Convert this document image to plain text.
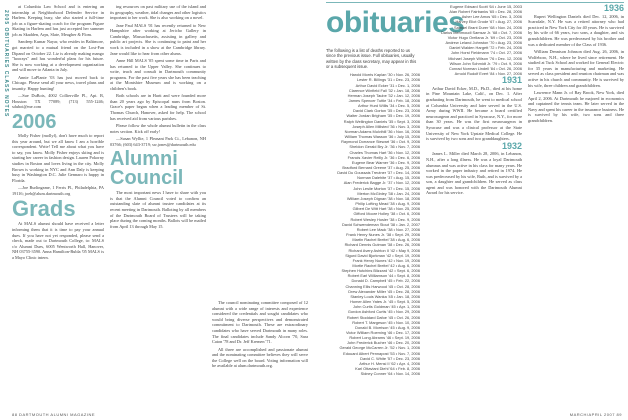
2005 OBITUARIES CLASS NOTES

at Columbia Law School and is entering an internship at Neighborhood Defender Service in Harlem. Keeping busy, she also started a full-time job as a figure-skating coach for the program Figure Skating in Harlem and has just accepted her summer job as Skadden, Arps, Slate, Meagher & Flom.

Sandeep Kumar Nayar, who resides in Baltimore, got married to a mutual friend on the Lost-Fan Dipand on October 22. Liz is already making mango "hoorays" and has wonderful plans for his future. She is now working at a development organization and will move to Atlanta in July.

Annie LaPlante '03 has just moved back to Chicago. Please send all your news, travel plans and insanity. Happy hunting!

—Sue DuBois, 4002 Collierville Pl., Apt. B, Houston TX 77089; (713) 555-1246; sduboi@me.com

2006

Molly Fisher (mollyf), don't have much to report this year around, but we all know I am a horrible correspondent. Write! Tell me about what you have to say, you know. Molly Fisher enjoys skiing and is starting her career in fashion design. Lauren Pokorny studies in Boston and loves living in the city. Molly Brown is working in NYC and Ann Daly is keeping busy in Washington D.C. Julie Gennaro is happy in Florida.

—Joe Burlingame, 1 Ferris Pl., Philadelphia, PA 19116; joeb@alum.dartmouth.org

Grads

At MALS alumni should have received a letter informing them that it is time to pay your annual dues. If you have not yet responded, please send a check, made out to Dartmouth College, to: MALS c/o Alumni Dues, 6005 Wentworth Hall, Hanover, NH 03755-3590. Anna Hamilton-Bubla '05 MALS is a Mayo Clinic intern.

ing resources on past military use of the island and its geography, weather, tidal changes and other logistics important to her work. She is also working on a novel.

Jane Paul MALS '01 has recently returned to New Hampshire after working at Jericho Gallery in Cambridge, Massachusetts, assisting in gallery and public art projects. She is continuing to paint and her work is included in a show at the Cambridge library. Jane would like to hear from other alums.

Anne Hill MALS '05 spent some time in Paris and has returned to the Upper Valley. She continues to write, teach and consult in Dartmouth community programs. For the past five years she has been teaching at the Montshire Museum and is working on a children's book.

Both schools are in Hartt and were founded more than 20 years ago by Episcopal nuns from Boston. Grace's paper began when a leading member of St. Thomas Church, Hanover, asked for help. The school has received aid from various parishes.

Please follow the whole alumni bulletin in the class notes section. Kick off early!

—Susan Wyllie, 1 Pleasant Park Ct., Lebanon, NH 03766; (603) 643-3719; sw.jones@dartmouth.edu

Alumni
Council

The most important news I have to share with you is that the Alumni Council voted to confirm an outstanding slate of alumni trustee candidates at its recent meeting in Dartmouth. Balloting by all members of the Dartmouth Board of Trustees will be taking place during the coming months. Ballots will be mailed from April 13 through May 15.

The council nominating committee composed of 12 alumni with a wide range of interests and experience considered the credentials and sought candidates who would bring diverse perspectives and demonstrated commitment to Dartmouth. These are extraordinary candidates who have served Dartmouth in many roles. The final candidates include Sandy Alcorn '70, Sara Caton '78 and Dr. Jeff Kremen '71.

All three are accomplished and passionate alumni and the nominating committee believes they will serve the College well on the board. Voting information will be available at alum.dartmouth.org.

88 DARTMOUTH ALUMNI MAGAZINE
obituaries

The following is a list of deaths reported to us since the previous issue. Full obituaries, usually written by the class secretary, may appear in this or a subsequent issue.

Harold Morris Kaplan '30 • Nov. 26, 2006
Lester R. Billings '31 • Dec. 23, 2006
Arthur David Ecker '31 • Dec. 1, 2006
Clarence Winfield Fall '32 • Jan. 18, 2006
Herman Joseph Taube '32 • Jan. 12, 2006
James Spencer Tuttle '34 • Feb. 18, 2006
Arthur Hurd Willis '34 • Dec. 5, 2006
David Clark Gorton '35 • Dec. 23, 2006
Walter Jordan Brigham '35 • Dec. 19, 2006
Ralph Wellington Daniels '35 • Sept. 3, 2006
Joseph Allen Millsted '36 • Nov. 3, 2006
Norman Adams Mulvihill '36 • Nov. 16, 2006
William Thomas Wasson '36 • July 15, 2006
Raymond Dorrance Stewart '36 • Oct. 9, 2006
Sheldon Gerald Bry Jr. '36 • Nov. 7, 2006
Charles Thomas Hart '36 • Nov. 12, 2006
Francis Xavier Reilly Jr. '36 • Dec. 6, 2006
Eugene Bear Warner '36 • Dec. 9, 2006
Bradford Bernard Greene '37 • Aug. 25, 2006
David Du Goussais Treutner '37 • Dec. 14, 2006
Norman Dalehite '37 • Aug. 15, 2006
Alan Frederick Bagge Jr. '37 • Nov. 12, 2006
John Leslie Morton '37 • Dec. 15, 2006
Merton McGinley '38 • Jan. 24, 2006
William Joseph Dignan '38 • Nov. 18, 2006
Philip Lofting Mead '38 • Aug. 9, 2006
Gilbert De Witt Hart '38 • Nov. 25, 2006
Gifford Moore Holley '38 • Oct. 6, 2006
Robert Wesley Hosler '38 • Dec. 9, 2006
David Schwendeman Stout '38 • Jan. 2, 2007
Robert Lee Mack '38 • Nov. 27, 2006
Frank Henry Nunes Jr. '38 • Sept. 29, 2006
Martin Rachel Breitel '38 • Aug. 6, 2006
Richard Dennis Gutman '38 • Dec. 26, 2006
Richard Avery Ashton II '42 • May 9, 2006
Sigurd David Bjorkman '42 • Sept. 19, 2006
Frank Henry Nunes '42 • Nov. 19, 2006
Mortie Rachel Breitel '42 • Aug. 6, 2006
Stephen Hutchins Blizzard '42 • Sept. 6, 2006
Robert Earl Williamson '44 • Sept. 8, 2006
Donald D. Campbell '45 • Feb. 22, 2006
Channing Ellis Harwood '45 • Oct. 28, 2006
Drew Alexander Miller '45 • Dec. 28, 2006
Stanley Louis Wanka '45 • Jan. 18, 2006
Homer Allen Yates Jr. '45 • Sept. 5, 2006
John Curtis Goldman '45 • Apr. 1, 2006
Gordon Ashford Curtis '45 • Nov. 29, 2006
Robert Stoddard Dafoe '45 • Oct. 26, 2006
Robert T. Margeson '45 • Nov. 10, 2006
Donald B. Morrison '45 • Aug. 9, 2006
Victor William Roeming '46 • Dec. 17, 2006
Robert Long Abrams '46 • Sept. 19, 2006
John Frederick Bucher '46 • Dec. 20, 2006
Gerald George McCarren Jr. '52 • Nov. 1, 2006
Edouard Albert Pennapost '53 • Nov. 7, 2006
David C. White '57 • Dec. 23, 2006
Arthur H. Mensi II '62 • Apr. 4, 2006
Karl Ottaviani Diehl '64 • Feb. 8, 2006
Sidney Conner '64 • Nov. 14, 2006
Eugene Edward Scott '64 • June 15, 2003
Alan Robert Fairbanks '65 • Dec. 28, 2006
Asher Lee Amos '65 • Dec. 3, 2006
Harvey Eliot Grode '67 • Aug. 27, 2006
Samuel Brant Durer '68 • Nov. 24, 2006
Darius Mehmoudi Samsar Jr. '68 • Oct. 7, 2006
Victor Hugo Orellana Jr. '69 • Oct. 23, 2006
Andrew Leland Johnston '70 • Aug. 23, 2006
Daniel Walden Hargett '72 • Feb. 24, 2006
John Horst Fieldmann '74 • Oct. 27, 2006
Michael Joseph Wilson '76 • Dec. 12, 2006
Wilson John Schmidt Jr. '79 • Oct. 9, 2006
Conrad Norman Lindell '84 • Oct. 26, 2006
Arnold Rudolf Evert '84 • Nov. 27, 2006
1931

Arthur David Ecker, M.D., Ph.D., died at his home in Pine Mountain Lake, Calif., on Dec. 1. After graduating from Dartmouth, he went to medical school at Columbia University and later served in the U.S. Army during WWII. He became a board certified neurosurgeon and practiced in Syracuse, N.Y., for more than 30 years. He was the first neurosurgeon in Syracuse and was a clinical professor at the State University of New York Upstate Medical College. He is survived by two sons and two granddaughters.

1932

James L. Miller died March 28, 2006, in Lebanon, N.H., after a long illness. He was a loyal Dartmouth alumnus and was active in his class for many years. He worked in the paper industry and retired in 1974. He was predeceased by his wife, Ruth, and is survived by a son, a daughter and grandchildren. He served as class agent and was honored with the Dartmouth Alumni Award for his service.

1936

Rupert Wellington Daniels died Dec. 12, 2006, in Scarsdale, N.Y. He was a retired attorney who had practiced in New York City for 40 years. He is survived by his wife of 66 years, two sons, a daughter, and six grandchildren. He was predeceased by his brother and was a dedicated member of the Class of 1936.

William Dennison Johnson died Aug. 26, 2006, in Wolfeboro, N.H., where he lived since retirement. He studied at Tuck School and worked for General Electric for 35 years in manufacturing and marketing. He served as class president and reunion chairman and was active in his church and community. He is survived by his wife, three children and grandchildren.

Lawrence Mann Jr. of Bay Brook, New York, died April 2, 2006. At Dartmouth he majored in economics and captained the tennis team. He later served in the Navy and spent his career in the insurance business. He is survived by his wife, two sons and three grandchildren.

MARCH/APRIL 2007 89
